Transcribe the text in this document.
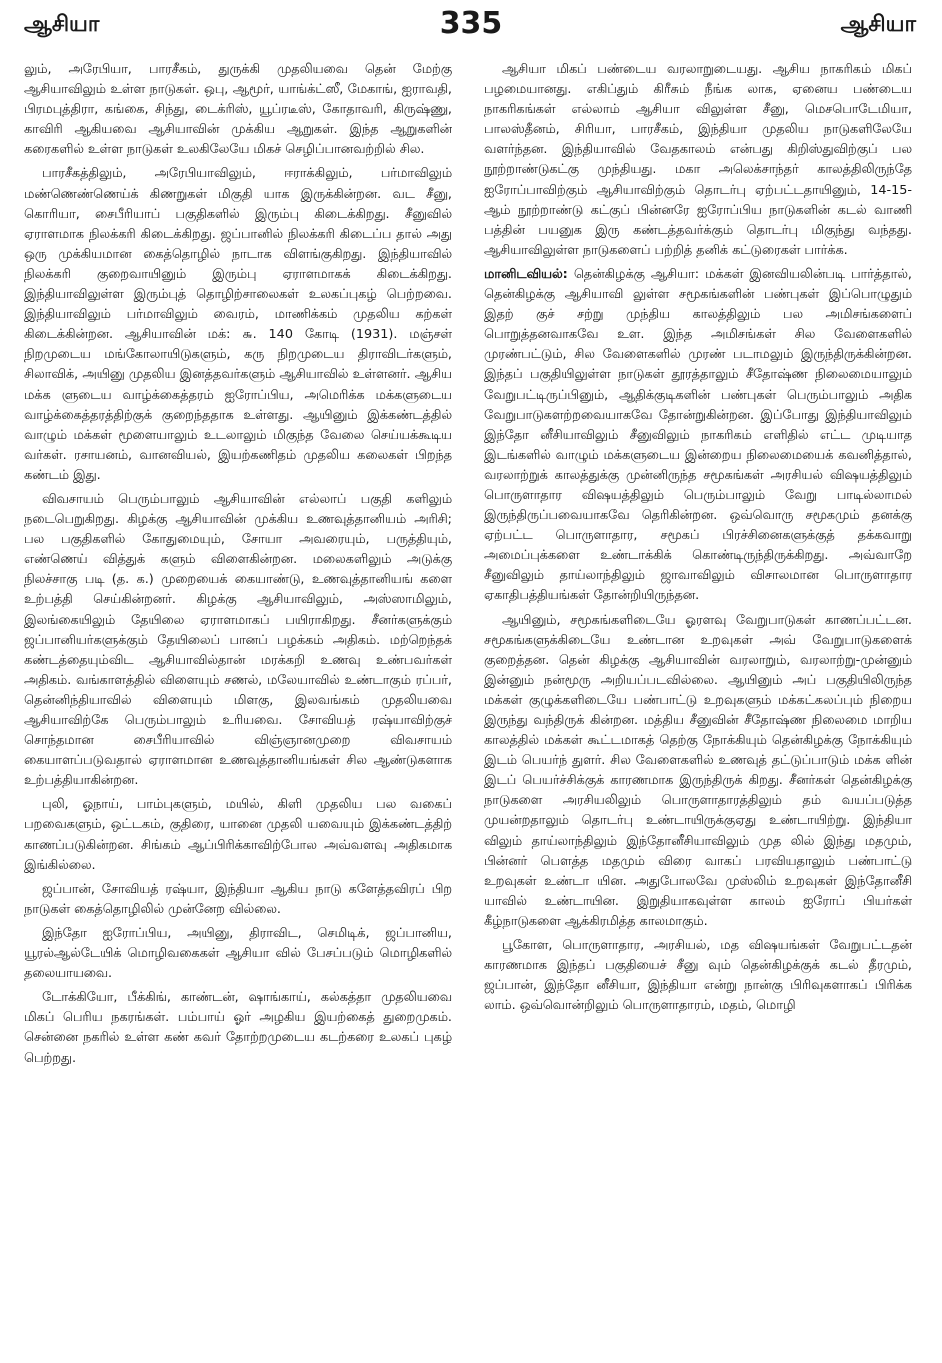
ஆசியா	335	ஆசியா

லும், அரேபியா, பாரசீகம், துருக்கி முதலியவை தென் மேற்கு ஆசியாவிலும் உள்ள நாடுகள். ஒபு, ஆமூர், யாங்க்ட்ஸீ, மேகாங், ஐராவதி, பிரமபுத்திரா, கங்கை, சிந்து, டைக்ரிஸ், யூப்ரடீஸ், கோதாவரி, கிருஷ்ணு, காவிரி ஆகியவை ஆசியாவின் முக்கிய ஆறுகள். இந்த ஆறுகளின் கரைகளில் உள்ள நாடுகள் உலகிலேயே மிகச் செழிப்பானவற்றில் சில.

பாரசீகத்திலும், அரேபியாவிலும், ஈராக்கிலும், பர்மாவிலும் மண்ணெண்ணெய்க் கிணறுகள் மிகுதி யாக இருக்கின்றன. வட சீனு, கொரியா, சைபீரியாப் பகுதிகளில் இரும்பு கிடைக்கிறது. சீனுவில் ஏராளமாக நிலக்கரி கிடைக்கிறது. ஜப்பானில் நிலக்கரி கிடைப்ப தால் அது ஒரு முக்கியமான கைத்தொழில் நாடாக விளங்குகிறது. இந்தியாவில் நிலக்கரி குறைவாயினும் இரும்பு ஏராளமாகக் கிடைக்கிறது. இந்தியாவிலுள்ள இரும்புத் தொழிற்சாலைகள் உலகப்புகழ் பெற்றவை. இந்தியாவிலும் பர்மாவிலும் வைரம், மாணிக்கம் முதலிய கற்கள் கிடைக்கின்றன. ஆசியாவின் மக்: ௬. 140 கோடி (1931). மஞ்சள் நிறமுடைய மங்கோலாயிடுகளும், கரு நிறமுடைய திராவிடர்களும், சிலாவிக், அயினு முதலிய இனத்தவர்களும் ஆசியாவில் உள்ளனர். ஆசிய மக்க ளுடைய வாழ்க்கைத்தரம் ஐரோப்பிய, அமெரிக்க மக்களுடைய வாழ்க்கைத்தரத்திற்குக் குறைந்ததாக உள்ளது. ஆயினும் இக்கண்டத்தில் வாழும் மக்கள் மூளையாலும் உடலாலும் மிகுந்த வேலை செய்யக்கூடிய வர்கள். ரசாயனம், வானவியல், இயற்கணிதம் முதலிய கலைகள் பிறந்த கண்டம் இது.

விவசாயம் பெரும்பாலும் ஆசியாவின் எல்லாப் பகுதி களிலும் நடைபெறுகிறது. கிழக்கு ஆசியாவின் முக்கிய உணவுத்தானியம் அரிசி; பல பகுதிகளில் கோதுமையும், சோயா அவரையும், பருத்தியும், எண்ணெய் வித்துக் களும் விளைகின்றன. மலைகளிலும் அடுக்கு நிலச்சாகு படி (த. க.) முறையைக் கையாண்டு, உணவுத்தானியங் களை உற்பத்தி செய்கின்றனர். கிழக்கு ஆசியாவிலும், அஸ்ஸாமிலும், இலங்கையிலும் தேயிலை ஏராளமாகப் பயிராகிறது. சீனர்களுக்கும் ஜப்பானியர்களுக்கும் தேயிலைப் பானப் பழக்கம் அதிகம். மற்றெந்தக் கண்டத்தையும்விட ஆசியாவில்தான் மரக்கறி உணவு உண்பவர்கள் அதிகம். வங்காளத்தில் விளையும் சணல், மலேயாவில் உண்டாகும் ரப்பர், தென்னிந்தியாவில் விளையும் மிளகு, இலவங்கம் முதலியவை ஆசியாவிற்கே பெரும்பாலும் உரியவை. சோவியத் ரஷ்யாவிற்குச் சொந்தமான சைபீரியாவில் விஞ்ஞானமுறை விவசாயம் கையாளப்படுவதால் ஏராளமான உணவுத்தானியங்கள் சில ஆண்டுகளாக உற்பத்தியாகின்றன.

புலி, ஓநாய், பாம்புகளும், மயில், கிளி முதலிய பல வகைப் பறவைகளும், ஒட்டகம், குதிரை, யானை முதலி யவையும் இக்கண்டத்திற் காணப்படுகின்றன. சிங்கம் ஆப்பிரிக்காவிற்போல அவ்வளவு அதிகமாக இங்கில்லை.

ஜப்பான், சோவியத் ரஷ்யா, இந்தியா ஆகிய நாடு களேத்தவிரப் பிற நாடுகள் கைத்தொழிலில் முன்னேற வில்லை.

இந்தோ ஐரோப்பிய, அயினு, திராவிட, செமிடிக், ஜப்பானிய, யூரல்ஆல்டேயிக் மொழிவகைகள் ஆசியா வில் பேசப்படும் மொழிகளில் தலையாயவை.

டோக்கியோ, பீக்கிங், காண்டன், ஷாங்காய், கல்கத்தா முதலியவை மிகப் பெரிய நகரங்கள். பம்பாய் ஓர் அழகிய இயற்கைத் துறைமுகம். சென்னை நகரில் உள்ள கண் கவர் தோற்றமுடைய கடற்கரை உலகப் புகழ் பெற்றது.

ஆசியா மிகப் பண்டைய வரலாறுடையது. ஆசிய நாகரிகம் மிகப் பழமையானது. எகிப்தும் கிரீசும் நீங்க லாக, ஏனைய பண்டைய நாகரிகங்கள் எல்லாம் ஆசியா விலுள்ள சீனு, மெசபொடேமியா, பாலஸ்தீனம், சிரியா, பாரசீகம், இந்தியா முதலிய நாடுகளிலேயே வளர்ந்தன. இந்தியாவில் வேதகாலம் என்பது கிறிஸ்துவிற்குப் பல நூற்றாண்டுகட்கு முந்தியது. மகா அலெக்சாந்தர் காலத்திலிருந்தே ஐரோப்பாவிற்கும் ஆசியாவிற்கும் தொடர்பு ஏற்பட்டதாயினும், 14-15-ஆம் நூற்றாண்டு கட்குப் பின்னரே ஐரோப்பிய நாடுகளின் கடல் வாணி பத்தின் பயனுக இரு கண்டத்தவர்க்கும் தொடர்பு மிகுந்து வந்தது. ஆசியாவிலுள்ள நாடுகளைப் பற்றித் தனிக் கட்டுரைகள் பார்க்க.

மானிடவியல்: தென்கிழக்கு ஆசியா: மக்கள் இனவியலின்படி பார்த்தால், தென்கிழக்கு ஆசியாவி லுள்ள சமூகங்களின் பண்புகள் இப்பொழுதும் இதற் குச் சற்று முந்திய காலத்திலும் பல அமிசங்களைப் பொறுத்தனவாகவே உள. இந்த அமிசங்கள் சில வேளைகளில் முரண்பட்டும், சில வேளைகளில் முரண் படாமலும் இருந்திருக்கின்றன. இந்தப் பகுதியிலுள்ள நாடுகள் தூரத்தாலும் சீதோஷ்ண நிலைமையாலும் வேறுபட்டிருப்பினும், ஆதிக்குடிகளின் பண்புகள் பெரும்பாலும் அதிக வேறுபாடுகளற்றவையாகவே தோன்றுகின்றன. இப்போது இந்தியாவிலும் இந்தோ னீசியாவிலும் சீனுவிலும் நாகரிகம் எளிதில் எட்ட முடியாத இடங்களில் வாழும் மக்களுடைய இன்றைய நிலைமையைக் கவனித்தால், வரலாற்றுக் காலத்துக்கு முன்னிருந்த சமூகங்கள் அரசியல் விஷயத்திலும் பொருளாதார விஷயத்திலும் பெரும்பாலும் வேறு பாடில்லாமல் இருந்திருப்பவையாகவே தெரிகின்றன. ஒவ்வொரு சமூகமும் தனக்கு ஏற்பட்ட பொருளாதார, சமூகப் பிரச்சினைகளுக்குத் தக்கவாறு அமைப்புக்களை உண்டாக்கிக் கொண்டிருந்திருக்கிறது. அவ்வாறே சீனுவிலும் தாய்லாந்திலும் ஜாவாவிலும் விசாலமான பொருளாதார ஏகாதிபத்தியங்கள் தோன்றியிருந்தன.

ஆயினும், சமூகங்களிடையே ஓரளவு வேறுபாடுகள் காணப்பட்டன. சமூகங்களுக்கிடையே உண்டான உறவுகள் அவ் வேறுபாடுகளைக் குறைத்தன. தென் கிழக்கு ஆசியாவின் வரலாறும், வரலாற்று-முன்னும் இன்னும் நன்மூரு அறியப்படவில்லை. ஆயினும் அப் பகுதியிலிருந்த மக்கள் குழுக்களிடையே பண்பாட்டு உறவுகளும் மக்கட்கலப்பும் நிறைய இருந்து வந்திருக் கின்றன. மத்திய சீனுவின் சீதோஷ்ண நிலைமை மாறிய காலத்தில் மக்கள் கூட்டமாகத் தெற்கு நோக்கியும் தென்கிழக்கு நோக்கியும் இடம் பெயர்ந் துளர். சில வேளைகளில் உணவுத் தட்டுப்பாடும் மக்க ளின் இடப் பெயர்ச்சிக்குக் காரணமாக இருந்திருக் கிறது. சீனர்கள் தென்கிழக்கு நாடுகளை அரசியலிலும் பொருளாதாரத்திலும் தம் வயப்படுத்த முயன்றதாலும் தொடர்பு உண்டாயிருக்குஏது உண்டாயிற்று. இந்தியா விலும் தாய்லாந்திலும் இந்தோனீசியாவிலும் முத லில் இந்து மதமும், பின்னர் பௌத்த மதமும் விரை வாகப் பரவியதாலும் பண்பாட்டு உறவுகள் உண்டா யின. அதுபோலவே முஸ்லிம் உறவுகள் இந்தோனீசி யாவில் உண்டாயின. இறுதியாகவுள்ள காலம் ஐரோப் பியர்கள் கீழ்நாடுகளை ஆக்கிரமித்த காலமாகும்.

பூகோள, பொருளாதார, அரசியல், மத விஷயங்கள் வேறுபட்டதன் காரணமாக இந்தப் பகுதியைச் சீனு வும் தென்கிழக்குக் கடல் தீரமும், ஜப்பான், இந்தோ னீசியா, இந்தியா என்று நான்கு பிரிவுகளாகப் பிரிக்க லாம். ஒவ்வொன்றிலும் பொருளாதாரம், மதம், மொழி
